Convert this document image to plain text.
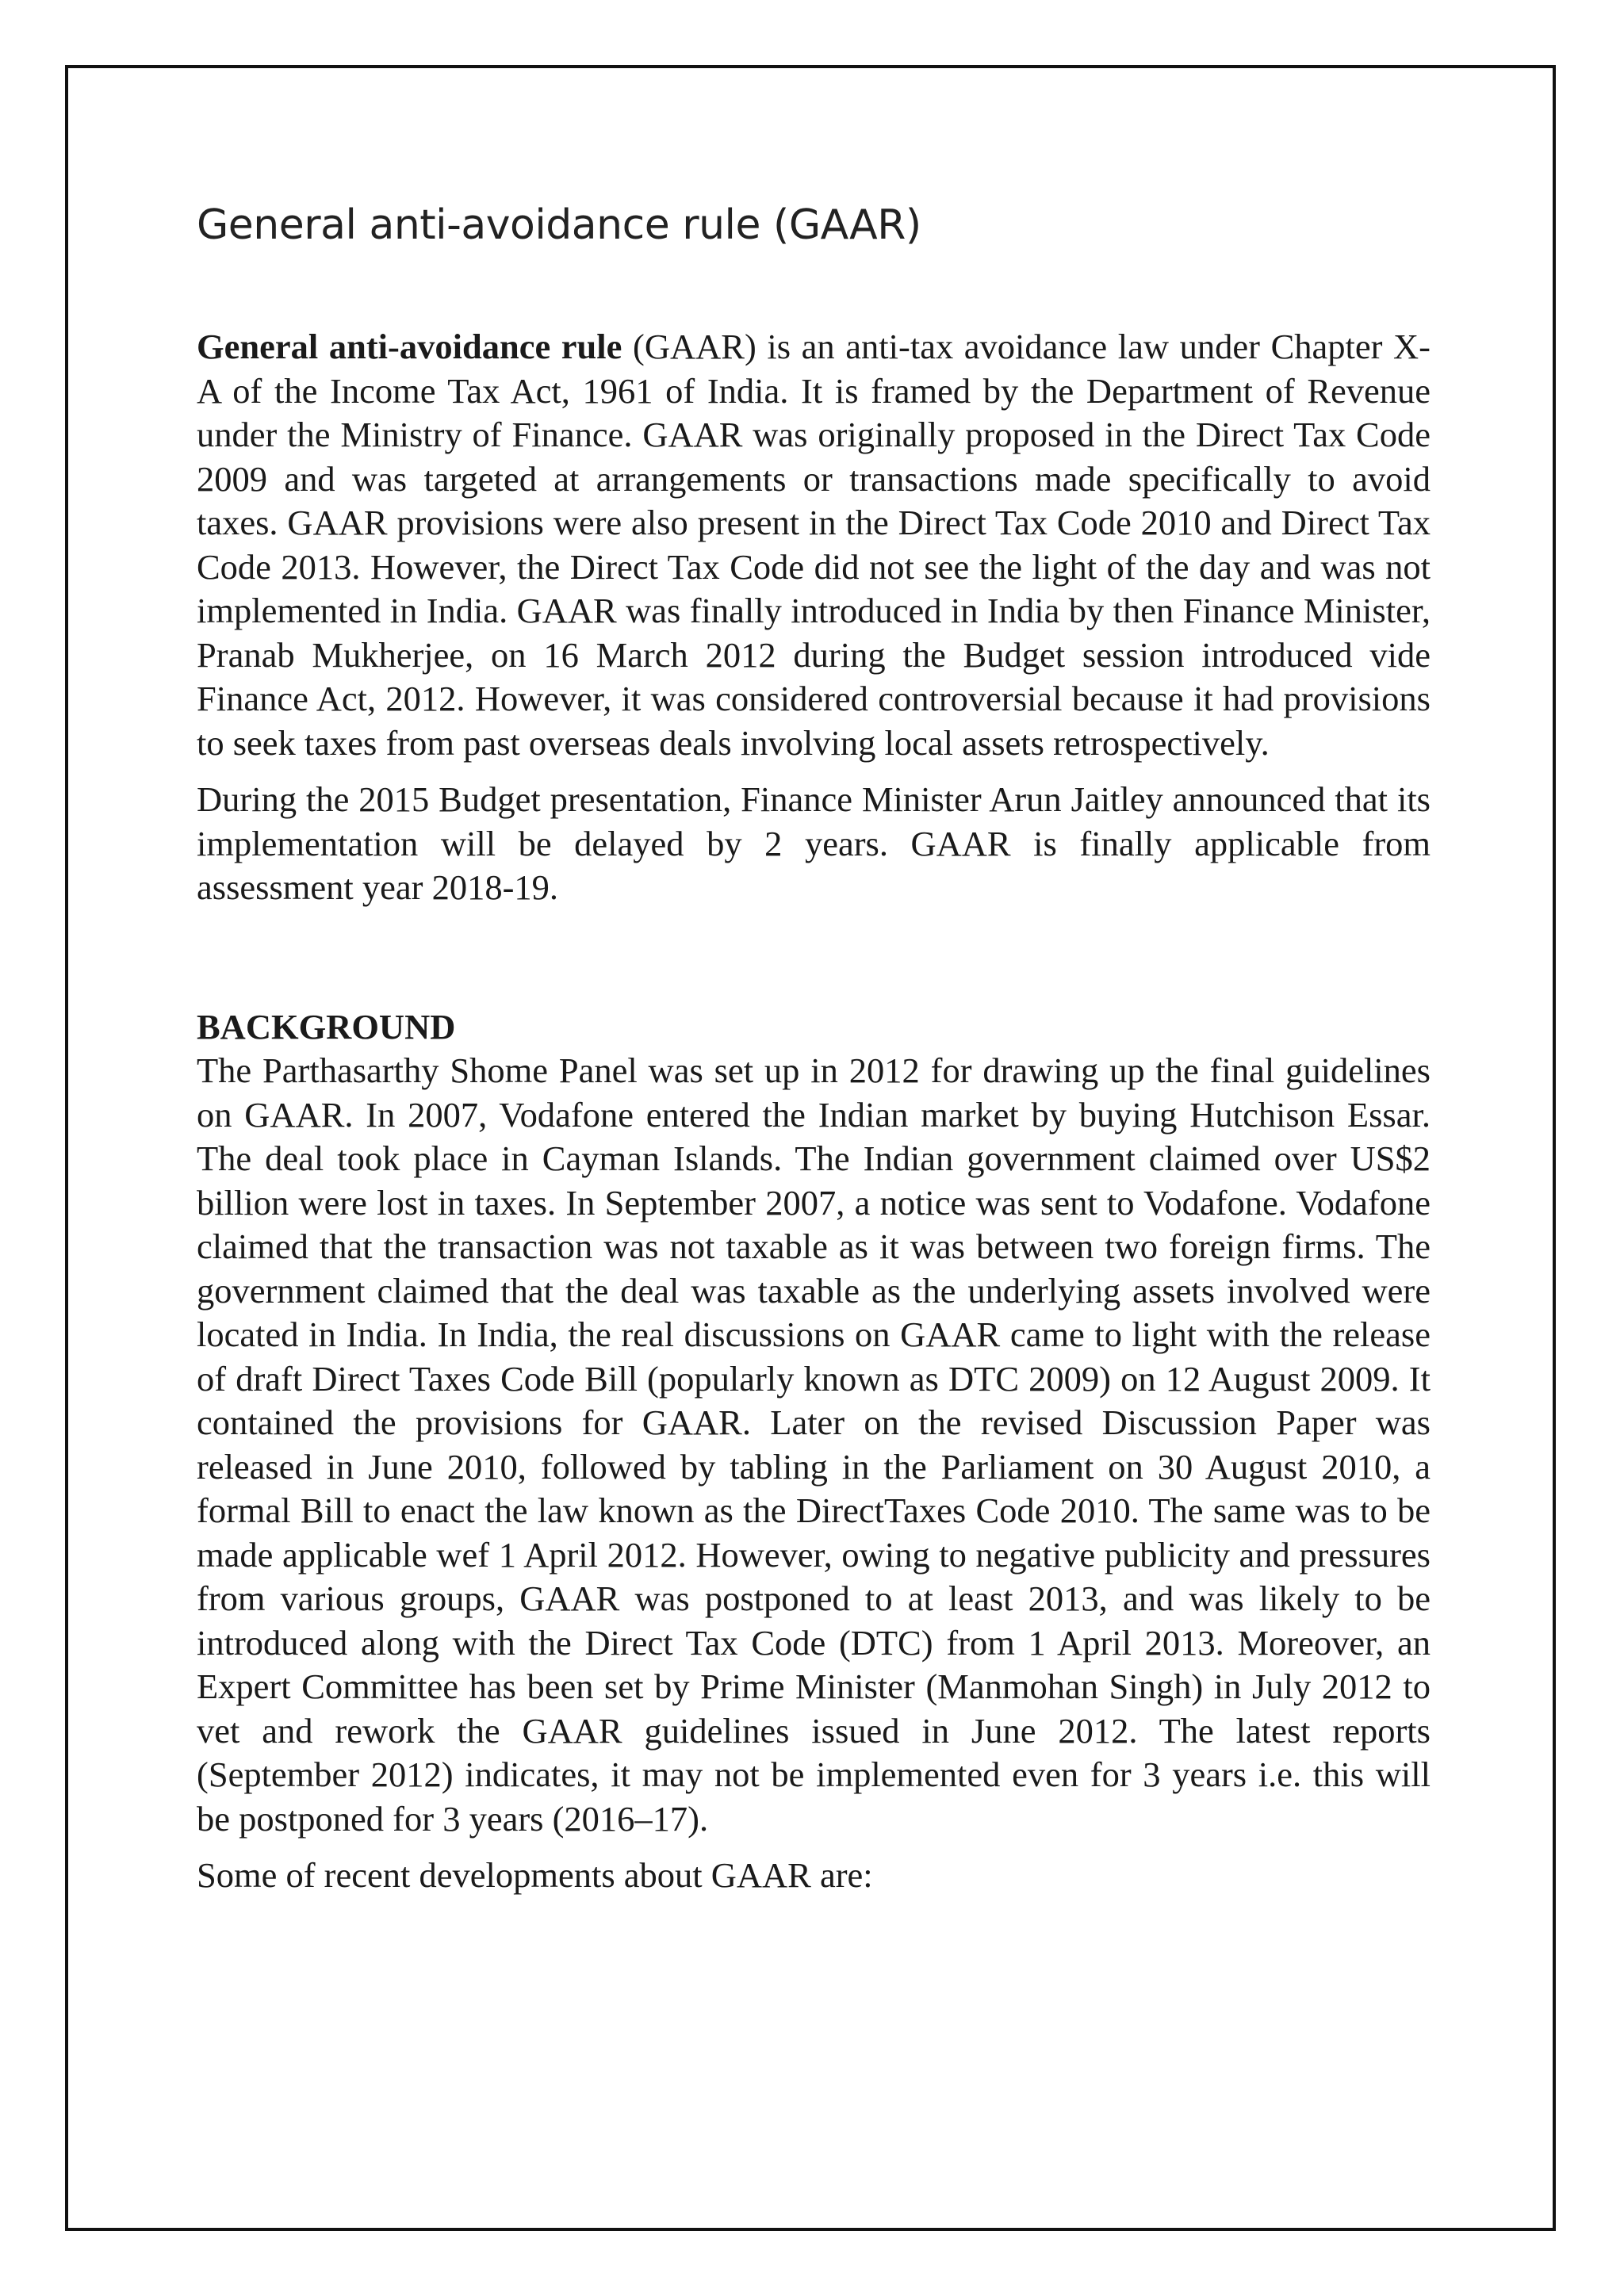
General anti-avoidance rule (GAAR)

General anti-avoidance rule (GAAR) is an anti-tax avoidance law under Chapter X-A of the Income Tax Act, 1961 of India. It is framed by the Department of Revenue under the Ministry of Finance. GAAR was originally proposed in the Direct Tax Code 2009 and was targeted at arrangements or transactions made specifically to avoid taxes. GAAR provisions were also present in the Direct Tax Code 2010 and Direct Tax Code 2013. However, the Direct Tax Code did not see the light of the day and was not implemented in India. GAAR was finally introduced in India by then Finance Minister, Pranab Mukherjee, on 16 March 2012 during the Budget session introduced vide Finance Act, 2012. However, it was considered controversial because it had provisions to seek taxes from past overseas deals involving local assets retrospectively.

During the 2015 Budget presentation, Finance Minister Arun Jaitley announced that its implementation will be delayed by 2 years. GAAR is finally applicable from assessment year 2018-19.

BACKGROUND

The Parthasarthy Shome Panel was set up in 2012 for drawing up the final guidelines on GAAR. In 2007, Vodafone entered the Indian market by buying Hutchison Essar. The deal took place in Cayman Islands. The Indian government claimed over US$2 billion were lost in taxes. In September 2007, a notice was sent to Vodafone. Vodafone claimed that the transaction was not taxable as it was between two foreign firms. The government claimed that the deal was taxable as the underlying assets involved were located in India. In India, the real discussions on GAAR came to light with the release of draft Direct Taxes Code Bill (popularly known as DTC 2009) on 12 August 2009. It contained the provisions for GAAR. Later on the revised Discussion Paper was released in June 2010, followed by tabling in the Parliament on 30 August 2010, a formal Bill to enact the law known as the DirectTaxes Code 2010. The same was to be made applicable wef 1 April 2012. However, owing to negative publicity and pressures from various groups, GAAR was postponed to at least 2013, and was likely to be introduced along with the Direct Tax Code (DTC) from 1 April 2013. Moreover, an Expert Committee has been set by Prime Minister (Manmohan Singh) in July 2012 to vet and rework the GAAR guidelines issued in June 2012. The latest reports (September 2012) indicates, it may not be implemented even for 3 years i.e. this will be postponed for 3 years (2016–17).

Some of recent developments about GAAR are:
